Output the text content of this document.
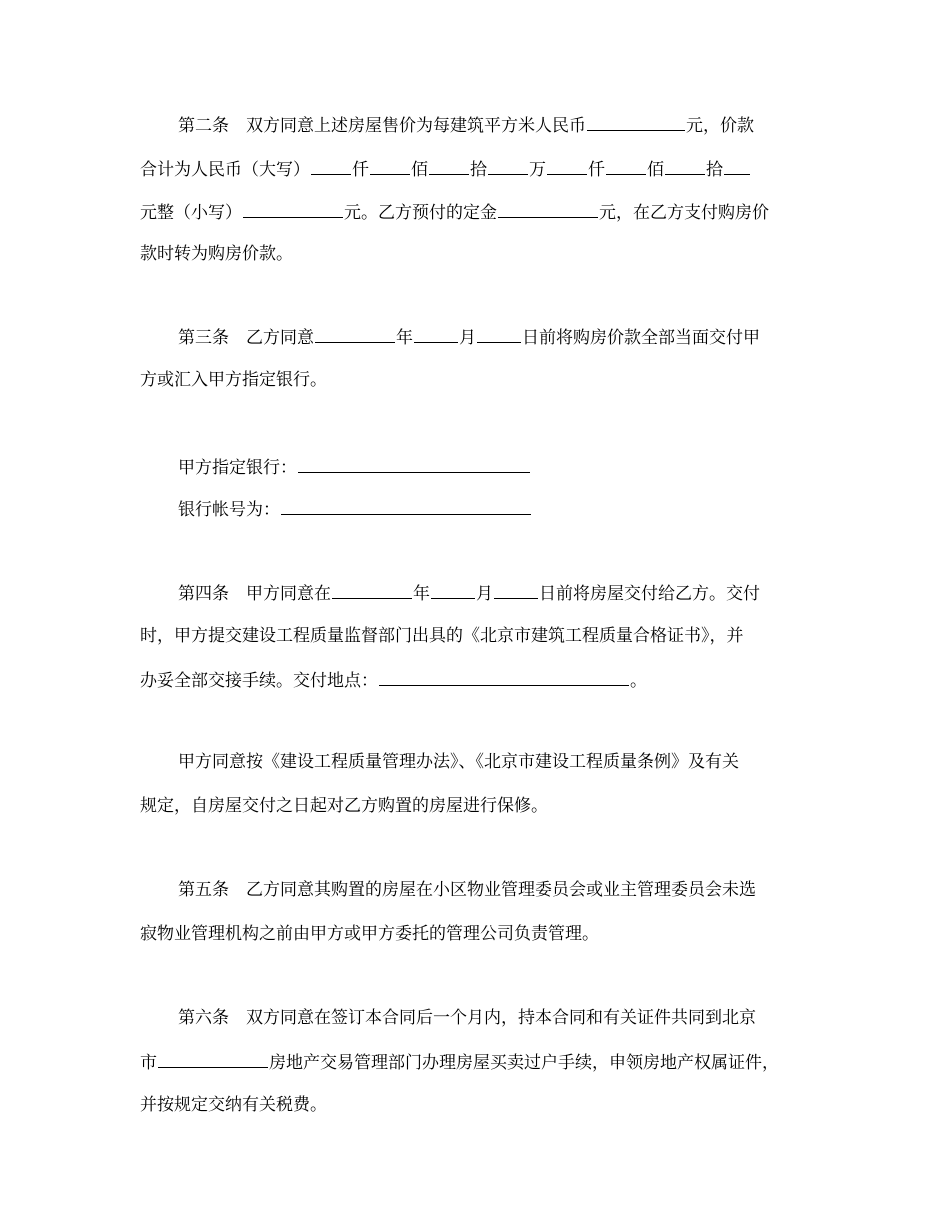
第二条　双方同意上述房屋售价为每建筑平方米人民币	元，价款
合计为人民币（大写） 仟 佰 拾 万 仟 佰 拾
元整（小写）	元。乙方预付的定金	元，在乙方支付购房价
款时转为购房价款。
第三条　乙方同意	年	月	日前将购房价款全部当面交付甲
方或汇入甲方指定银行。
甲方指定银行：
银行帐号为：
第四条　甲方同意在	年	月	日前将房屋交付给乙方。交付
时，甲方提交建设工程质量监督部门出具的《北京市建筑工程质量合格证书》，并
办妥全部交接手续。交付地点：	。
甲方同意按《建设工程质量管理办法》、《北京市建设工程质量条例》及有关
规定，自房屋交付之日起对乙方购置的房屋进行保修。
第五条　乙方同意其购置的房屋在小区物业管理委员会或业主管理委员会未选
寂物业管理机构之前由甲方或甲方委托的管理公司负责管理。
第六条　双方同意在签订本合同后一个月内，持本合同和有关证件共同到北京
市	房地产交易管理部门办理房屋买卖过户手续，申领房地产权属证件，
并按规定交纳有关税费。
